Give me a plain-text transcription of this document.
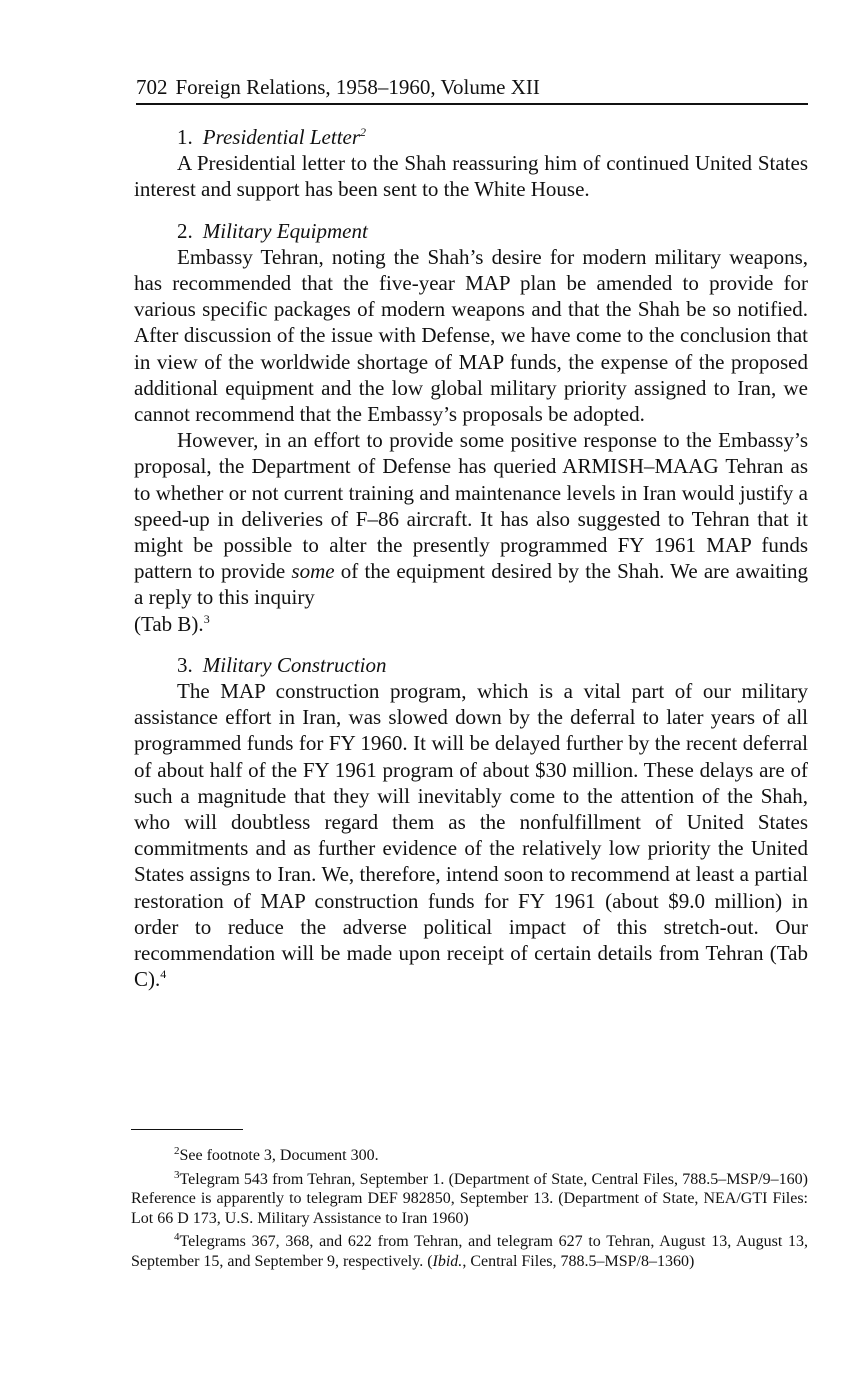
702 Foreign Relations, 1958–1960, Volume XII
1. Presidential Letter$^2$

A Presidential letter to the Shah reassuring him of continued United States interest and support has been sent to the White House.

2. Military Equipment

Embassy Tehran, noting the Shah’s desire for modern military weapons, has recommended that the five-year MAP plan be amended to provide for various specific packages of modern weapons and that the Shah be so notified. After discussion of the issue with Defense, we have come to the conclusion that in view of the worldwide shortage of MAP funds, the expense of the proposed additional equipment and the low global military priority assigned to Iran, we cannot recommend that the Embassy’s proposals be adopted.

However, in an effort to provide some positive response to the Embassy’s proposal, the Department of Defense has queried ARMISH–MAAG Tehran as to whether or not current training and maintenance levels in Iran would justify a speed-up in deliveries of F–86 aircraft. It has also suggested to Tehran that it might be possible to alter the presently programmed FY 1961 MAP funds pattern to provide some of the equipment desired by the Shah. We are awaiting a reply to this inquiry

(Tab B).$^3$
3. Military Construction

The MAP construction program, which is a vital part of our military assistance effort in Iran, was slowed down by the deferral to later years of all programmed funds for FY 1960. It will be delayed further by the recent deferral of about half of the FY 1961 program of about $30 million. These delays are of such a magnitude that they will inevitably come to the attention of the Shah, who will doubtless regard them as the nonfulfillment of United States commitments and as further evidence of the relatively low priority the United States assigns to Iran. We, therefore, intend soon to recommend at least a partial restoration of MAP construction funds for FY 1961 (about $9.0 million) in order to reduce the adverse political impact of this stretch-out. Our recommendation will be made upon receipt of certain details from Tehran (Tab C).$^4$

$^2$See footnote 3, Document 300.

$^3$Telegram 543 from Tehran, September 1. (Department of State, Central Files, 788.5–MSP/9–160) Reference is apparently to telegram DEF 982850, September 13. (Department of State, NEA/GTI Files: Lot 66 D 173, U.S. Military Assistance to Iran 1960)

$^4$Telegrams 367, 368, and 622 from Tehran, and telegram 627 to Tehran, August 13, August 13, September 15, and September 9, respectively. (Ibid., Central Files, 788.5–MSP/8–1360)
